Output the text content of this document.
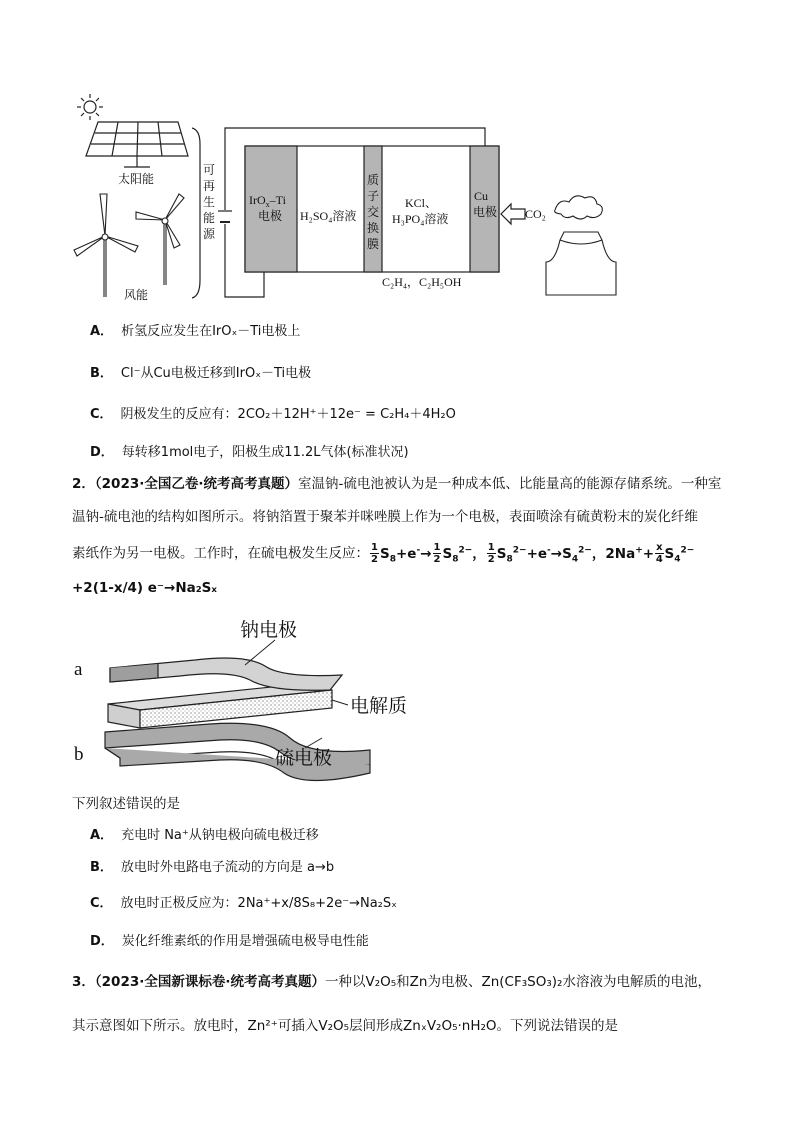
太阳能
风能
可
再
生
能
源
IrO$_x$–Ti
电极 H₂SO₄溶液
质
子
交
换
膜
KCl、
H₃PO₄溶液
Cu
电极 CO₂
C₂H₄，C₂H₅OH
A． 析氢反应发生在IrOₓ－Ti电极上
B． Cl⁻从Cu电极迁移到IrOₓ－Ti电极
C． 阴极发生的反应有：2CO₂＋12H⁺＋12e⁻ = C₂H₄＋4H₂O
D． 每转移1mol电子，阳极生成11.2L气体(标准状况)
2．（2023·全国乙卷·统考高考真题）室温钠-硫电池被认为是一种成本低、比能量高的能源存储系统。一种室
温钠-硫电池的结构如图所示。将钠箔置于聚苯并咪唑膜上作为一个电极，表面喷涂有硫黄粉末的炭化纤维
素纸作为另一电极。工作时，在硫电极发生反应： $\frac{1}{2} S_8+e^-\to \frac{1}{2} S_8^{2-}$， $\frac{1}{2} S_8^{2-}+e^-\to S_4^{2-}$，$2Na^++ \frac{x}{4} S_4^{2-}$
+2(1-x/4) e⁻→Na₂Sₓ
钠电极
电解质
硫电极
a
b
下列叙述错误的是
A． 充电时 Na⁺从钠电极向硫电极迁移
B． 放电时外电路电子流动的方向是 a→b
C． 放电时正极反应为：2Na⁺+x/8S₈+2e⁻→Na₂Sₓ
D． 炭化纤维素纸的作用是增强硫电极导电性能
3．（2023·全国新课标卷·统考高考真题）一种以V₂O₅和Zn为电极、Zn(CF₃SO₃)₂水溶液为电解质的电池，
其示意图如下所示。放电时，Zn²⁺可插入V₂O₅层间形成ZnₓV₂O₅·nH₂O。下列说法错误的是
